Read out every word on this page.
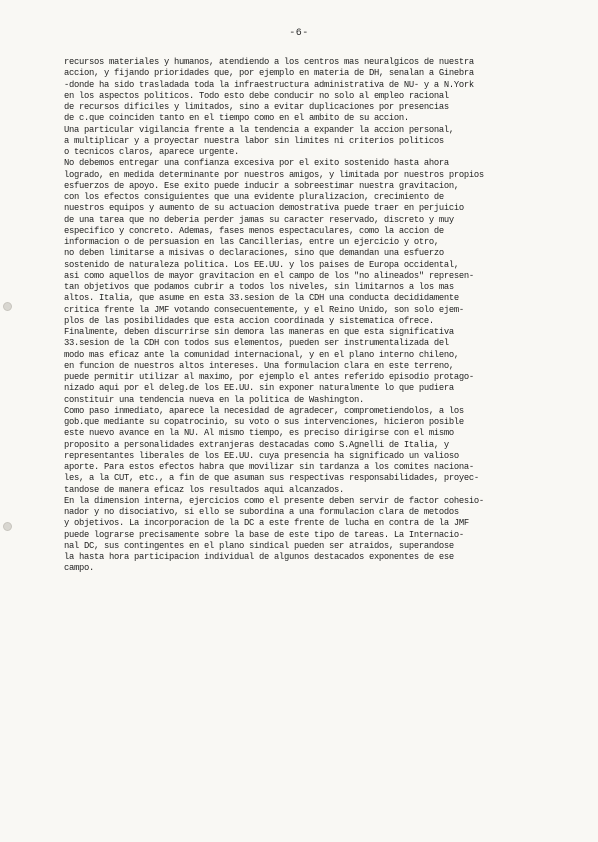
-6-
recursos materiales y humanos, atendiendo a los centros mas neuralgicos de nuestra
accion, y fijando prioridades que, por ejemplo en materia de DH, senalan a Ginebra
-donde ha sido trasladada toda la infraestructura administrativa de NU- y a N.York
en los aspectos politicos. Todo esto debe conducir no solo al empleo racional
de recursos dificiles y limitados, sino a evitar duplicaciones por presencias
de c.que coinciden tanto en el tiempo como en el ambito de su accion.
Una particular vigilancia frente a la tendencia a expander la accion personal,
a multiplicar y a proyectar nuestra labor sin limites ni criterios politicos
o tecnicos claros, aparece urgente.
No debemos entregar una confianza excesiva por el exito sostenido hasta ahora
logrado, en medida determinante por nuestros amigos, y limitada por nuestros propios
esfuerzos de apoyo. Ese exito puede inducir a sobreestimar nuestra gravitacion,
con los efectos consiguientes que una evidente pluralizacion, crecimiento de
nuestros equipos y aumento de su actuacion demostrativa puede traer en perjuicio
de una tarea que no deberia perder jamas su caracter reservado, discreto y muy
especifico y concreto. Ademas, fases menos espectaculares, como la accion de
informacion o de persuasion en las Cancillerias, entre un ejercicio y otro,
no deben limitarse a misivas o declaraciones, sino que demandan una esfuerzo
sostenido de naturaleza politica. Los EE.UU. y los paises de Europa occidental,
asi como aquellos de mayor gravitacion en el campo de los "no alineados" represen-
tan objetivos que podamos cubrir a todos los niveles, sin limitarnos a los mas
altos. Italia, que asume en esta 33.sesion de la CDH una conducta decididamente
critica frente la JMF votando consecuentemente, y el Reino Unido, son solo ejem-
plos de las posibilidades que esta accion coordinada y sistematica ofrece.
Finalmente, deben discurrirse sin demora las maneras en que esta significativa
33.sesion de la CDH con todos sus elementos, pueden ser instrumentalizada del
modo mas eficaz ante la comunidad internacional, y en el plano interno chileno,
en funcion de nuestros altos intereses. Una formulacion clara en este terreno,
puede permitir utilizar al maximo, por ejemplo el antes referido episodio protago-
nizado aqui por el deleg.de los EE.UU. sin exponer naturalmente lo que pudiera
constituir una tendencia nueva en la politica de Washington.
Como paso inmediato, aparece la necesidad de agradecer, comprometiendolos, a los
gob.que mediante su copatrocinio, su voto o sus intervenciones, hicieron posible
este nuevo avance en la NU. Al mismo tiempo, es preciso dirigirse con el mismo
proposito a personalidades extranjeras destacadas como S.Agnelli de Italia, y
representantes liberales de los EE.UU. cuya presencia ha significado un valioso
aporte. Para estos efectos habra que movilizar sin tardanza a los comites naciona-
les, a la CUT, etc., a fin de que asuman sus respectivas responsabilidades, proyec-
tandose de manera eficaz los resultados aqui alcanzados.
En la dimension interna, ejercicios como el presente deben servir de factor cohesio-
nador y no disociativo, si ello se subordina a una formulacion clara de metodos
y objetivos. La incorporacion de la DC a este frente de lucha en contra de la JMF
puede lograrse precisamente sobre la base de este tipo de tareas. La Internacio-
nal DC, sus contingentes en el plano sindical pueden ser atraidos, superandose
la hasta hora participacion individual de algunos destacados exponentes de ese
campo.
